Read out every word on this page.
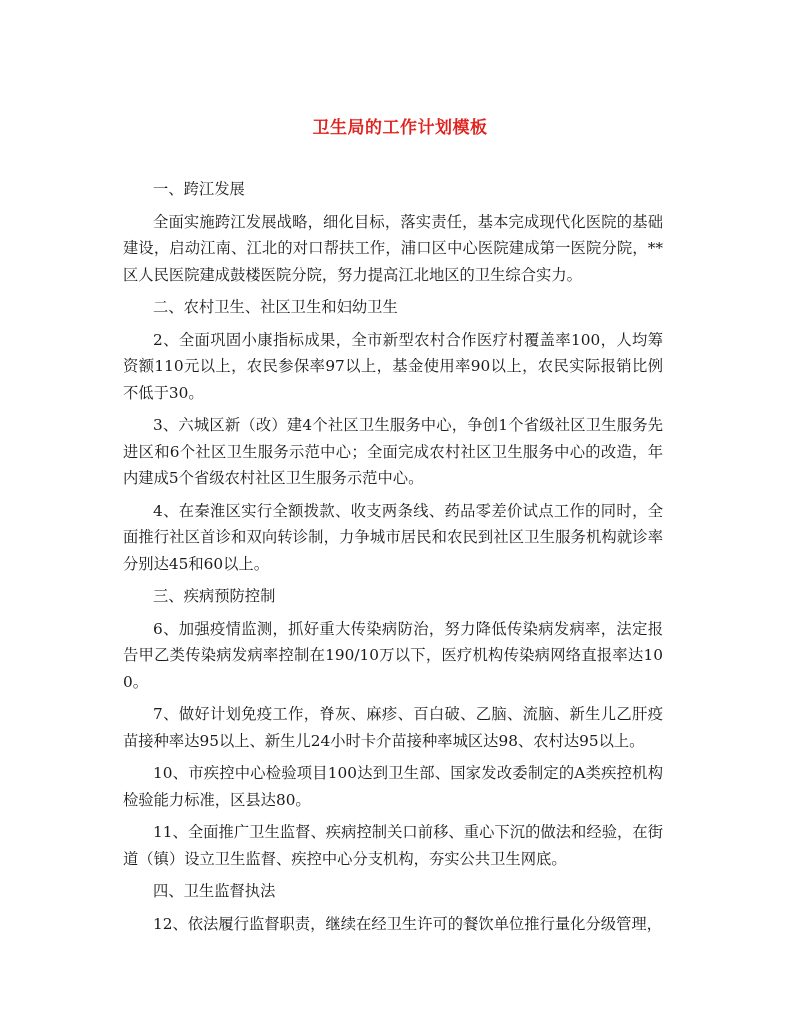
卫生局的工作计划模板

一、跨江发展

全面实施跨江发展战略，细化目标，落实责任，基本完成现代化医院的基础建设，启动江南、江北的对口帮扶工作，浦口区中心医院建成第一医院分院，**区人民医院建成鼓楼医院分院，努力提高江北地区的卫生综合实力。

二、农村卫生、社区卫生和妇幼卫生

2、全面巩固小康指标成果，全市新型农村合作医疗村覆盖率100，人均筹资额110元以上，农民参保率97以上，基金使用率90以上，农民实际报销比例不低于30。

3、六城区新（改）建4个社区卫生服务中心，争创1个省级社区卫生服务先进区和6个社区卫生服务示范中心；全面完成农村社区卫生服务中心的改造，年内建成5个省级农村社区卫生服务示范中心。

4、在秦淮区实行全额拨款、收支两条线、药品零差价试点工作的同时，全面推行社区首诊和双向转诊制，力争城市居民和农民到社区卫生服务机构就诊率分别达45和60以上。

三、疾病预防控制

6、加强疫情监测，抓好重大传染病防治，努力降低传染病发病率，法定报告甲乙类传染病发病率控制在190/10万以下，医疗机构传染病网络直报率达100。

7、做好计划免疫工作，脊灰、麻疹、百白破、乙脑、流脑、新生儿乙肝疫苗接种率达95以上、新生儿24小时卡介苗接种率城区达98、农村达95以上。

10、市疾控中心检验项目100达到卫生部、国家发改委制定的A类疾控机构检验能力标准，区县达80。

11、全面推广卫生监督、疾病控制关口前移、重心下沉的做法和经验，在街道（镇）设立卫生监督、疾控中心分支机构，夯实公共卫生网底。

四、卫生监督执法

12、依法履行监督职责，继续在经卫生许可的餐饮单位推行量化分级管理，
